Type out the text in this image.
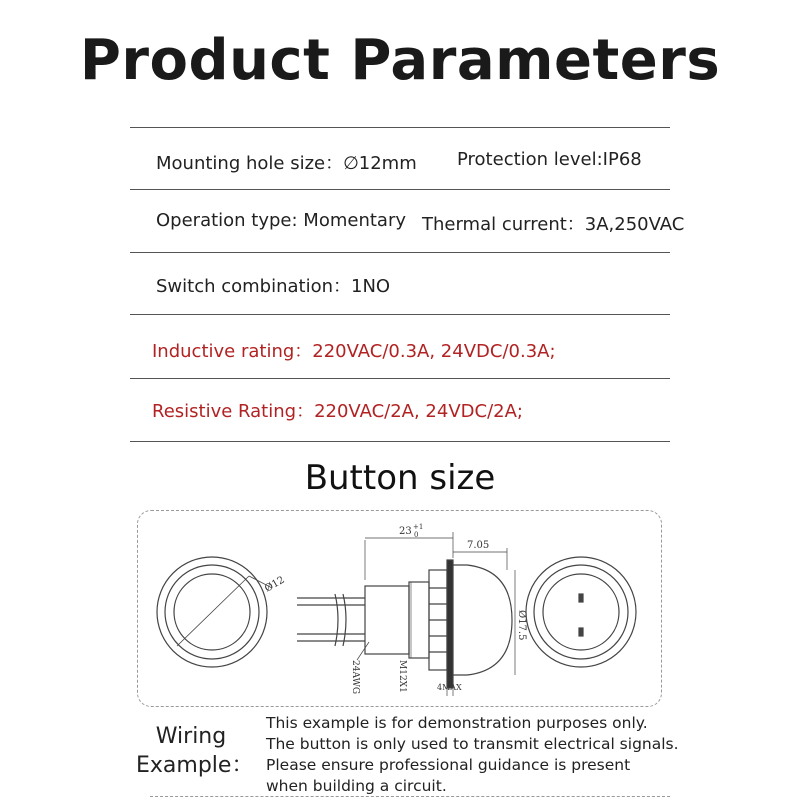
Product Parameters
Mounting hole size：∅12mm Protection level:IP68
Operation type: Momentary Thermal current：3A,250VAC
Switch combination：1NO
Inductive rating：220VAC/0.3A, 24VDC/0.3A;
Resistive Rating：220VAC/2A, 24VDC/2A;
Button size
23 +1
0
7.05
Ø12
Ø17.5
M12X1
24AWG	4MAX
Wiring
Example：
This example is for demonstration purposes only.
The button is only used to transmit electrical signals.
Please ensure professional guidance is present
when building a circuit.
